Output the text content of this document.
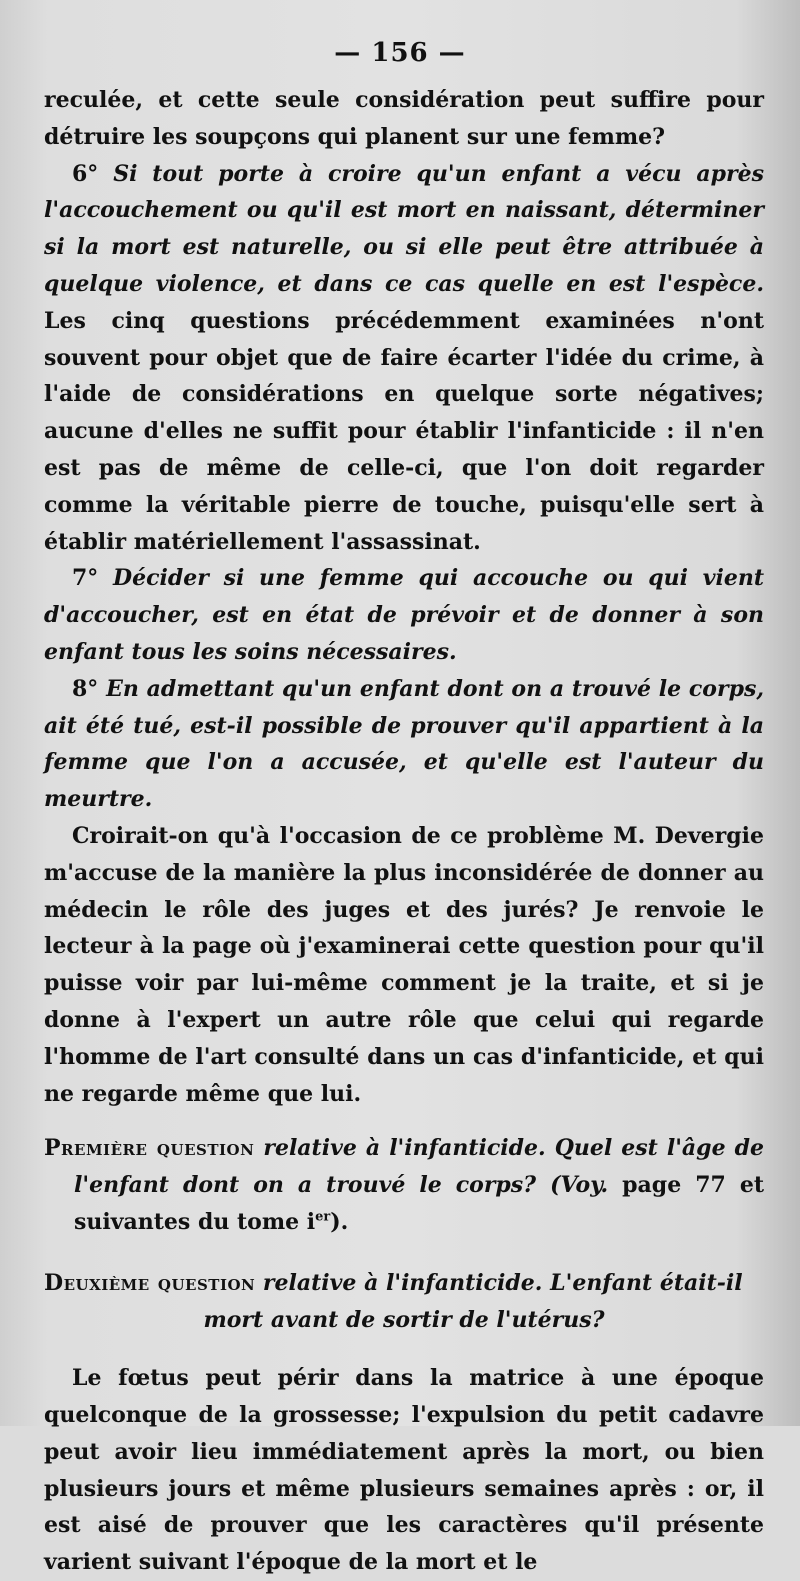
— 156 —

reculée, et cette seule considération peut suffire pour détruire les soupçons qui planent sur une femme?

6° Si tout porte à croire qu'un enfant a vécu après l'accouchement ou qu'il est mort en naissant, déterminer si la mort est naturelle, ou si elle peut être attribuée à quelque violence, et dans ce cas quelle en est l'espèce. Les cinq questions précédemment examinées n'ont souvent pour objet que de faire écarter l'idée du crime, à l'aide de considérations en quelque sorte négatives; aucune d'elles ne suffit pour établir l'infanticide : il n'en est pas de même de celle-ci, que l'on doit regarder comme la véritable pierre de touche, puisqu'elle sert à établir matériellement l'assassinat.

7° Décider si une femme qui accouche ou qui vient d'accoucher, est en état de prévoir et de donner à son enfant tous les soins nécessaires.

8° En admettant qu'un enfant dont on a trouvé le corps, ait été tué, est-il possible de prouver qu'il appartient à la femme que l'on a accusée, et qu'elle est l'auteur du meurtre.

Croirait-on qu'à l'occasion de ce problème M. Devergie m'accuse de la manière la plus inconsidérée de donner au médecin le rôle des juges et des jurés? Je renvoie le lecteur à la page où j'examinerai cette question pour qu'il puisse voir par lui-même comment je la traite, et si je donne à l'expert un autre rôle que celui qui regarde l'homme de l'art consulté dans un cas d'infanticide, et qui ne regarde même que lui.

Première question relative à l'infanticide. Quel est l'âge de l'enfant dont on a trouvé le corps? (Voy. page 77 et suivantes du tome $i^{er}$).

Deuxième question relative à l'infanticide. L'enfant était-il
mort avant de sortir de l'utérus?

Le fœtus peut périr dans la matrice à une époque quelconque de la grossesse; l'expulsion du petit cadavre peut avoir lieu immédiatement après la mort, ou bien plusieurs jours et même plusieurs semaines après : or, il est aisé de prouver que les caractères qu'il présente varient suivant l'époque de la mort et le
